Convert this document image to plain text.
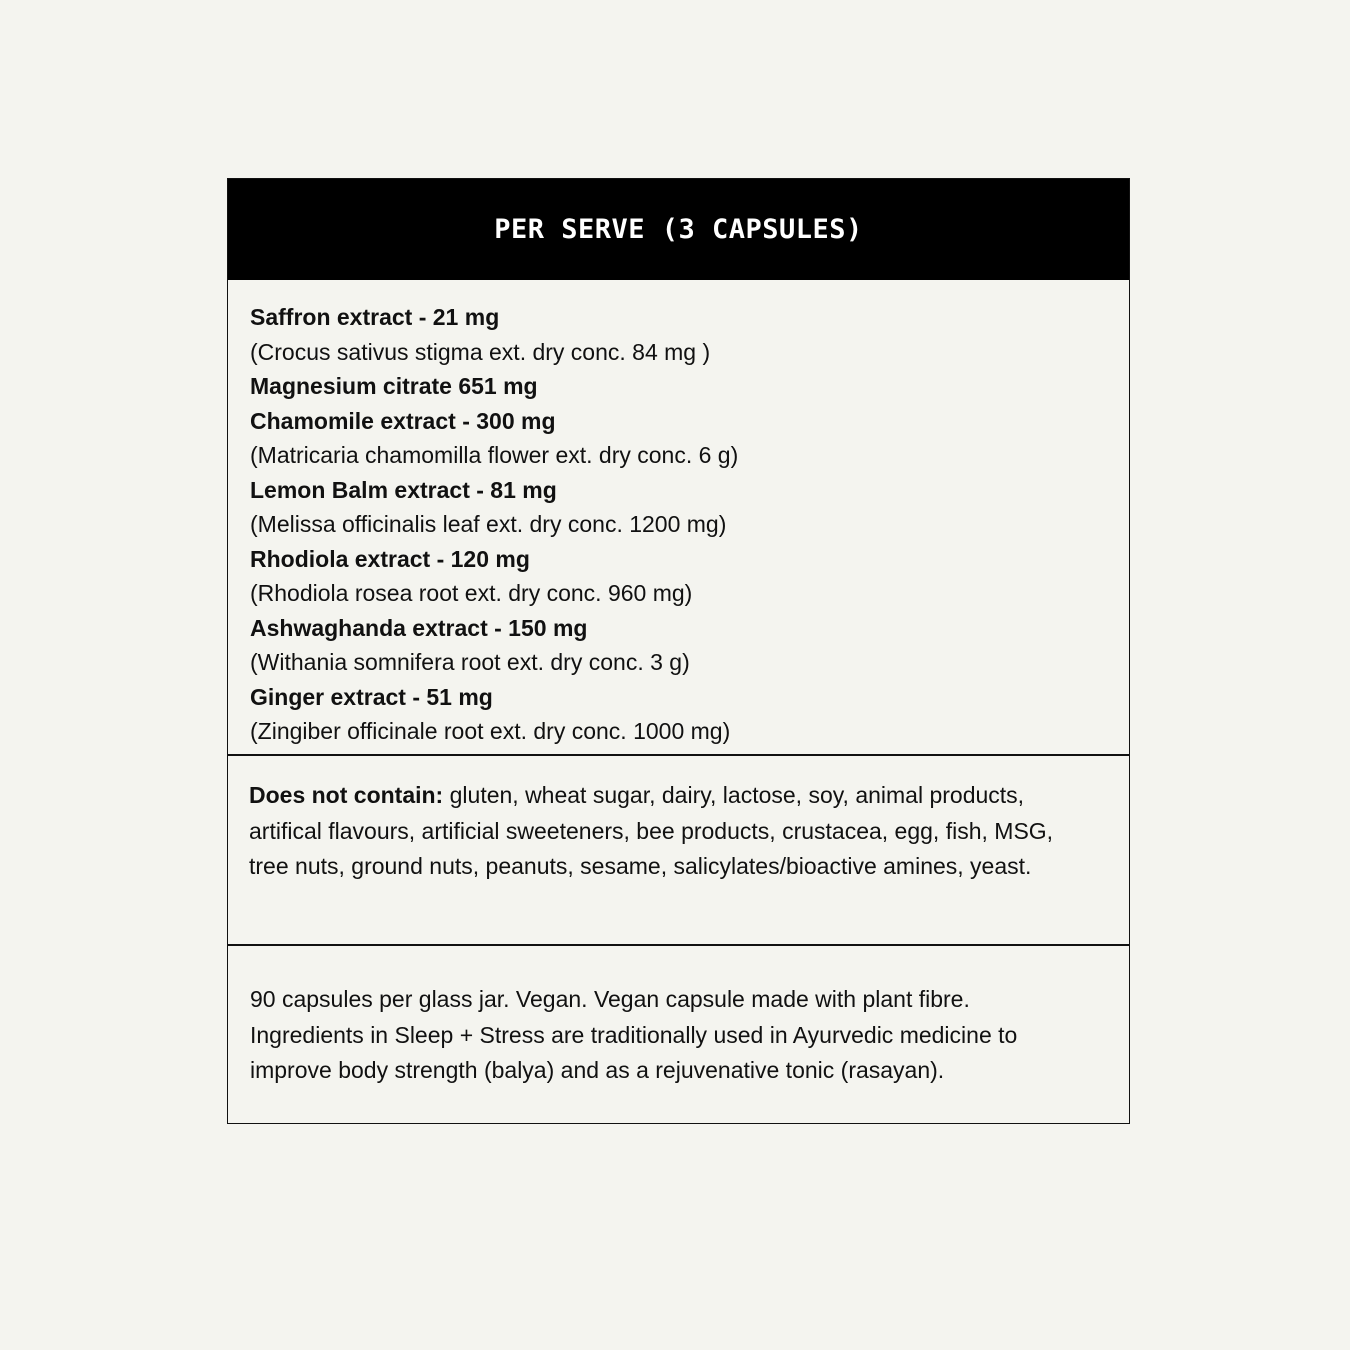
PER SERVE (3 CAPSULES)
Saffron extract - 21 mg
(Crocus sativus stigma ext. dry conc. 84 mg )
Magnesium citrate 651 mg
Chamomile extract - 300 mg
(Matricaria chamomilla flower ext. dry conc. 6 g)
Lemon Balm extract - 81 mg
(Melissa officinalis leaf ext. dry conc. 1200 mg)
Rhodiola extract - 120 mg
(Rhodiola rosea root ext. dry conc. 960 mg)
Ashwaghanda extract - 150 mg
(Withania somnifera root ext. dry conc. 3 g)
Ginger extract - 51 mg
(Zingiber officinale root ext. dry conc. 1000 mg)
Does not contain: gluten, wheat sugar, dairy, lactose, soy, animal products, artifical flavours, artificial sweeteners, bee products, crustacea, egg, fish, MSG, tree nuts, ground nuts, peanuts, sesame, salicylates/bioactive amines, yeast.
90 capsules per glass jar. Vegan. Vegan capsule made with plant fibre.
Ingredients in Sleep + Stress are traditionally used in Ayurvedic medicine to
improve body strength (balya) and as a rejuvenative tonic (rasayan).
